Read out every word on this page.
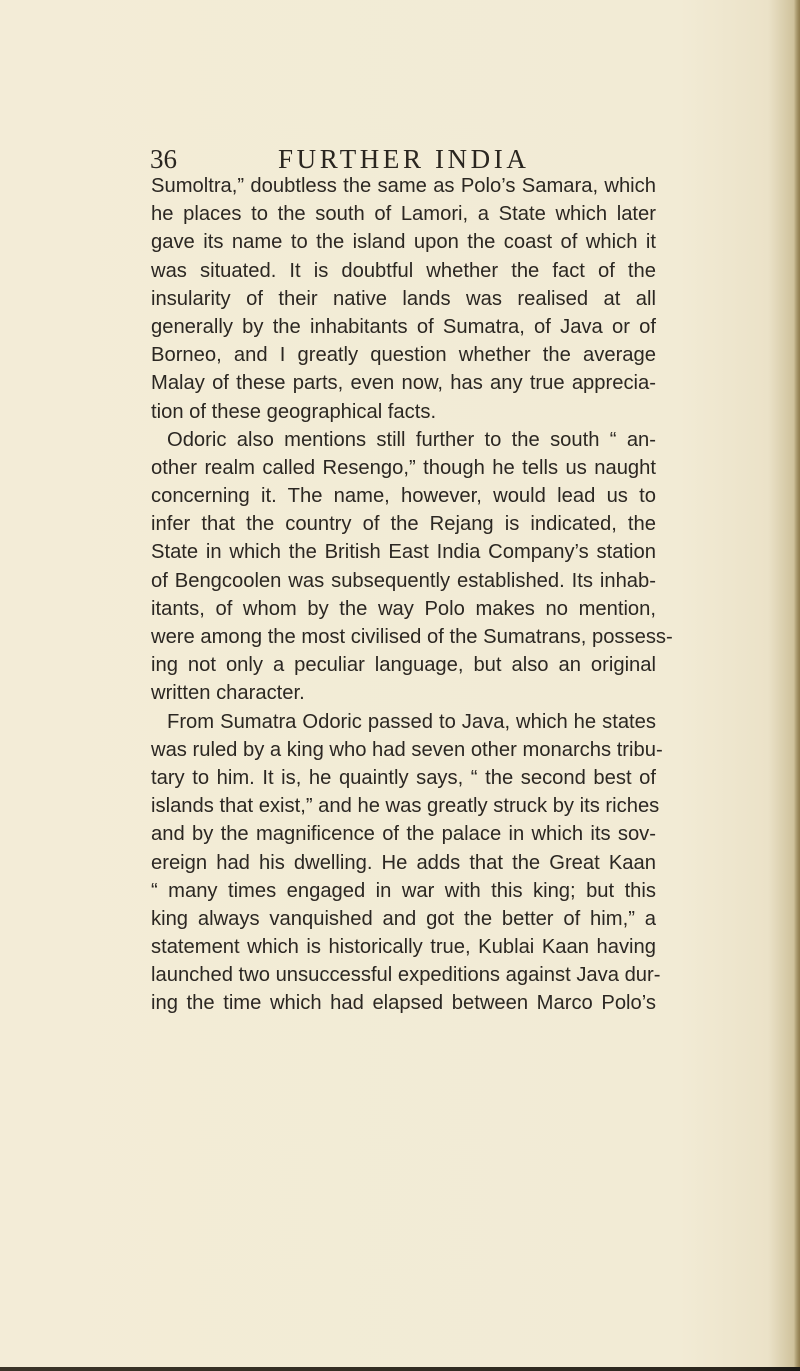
36	FURTHER INDIA
Sumoltra,” doubtless the same as Polo’s Samara, which
he places to the south of Lamori, a State which later
gave its name to the island upon the coast of which it
was situated. It is doubtful whether the fact of the
insularity of their native lands was realised at all
generally by the inhabitants of Sumatra, of Java or of
Borneo, and I greatly question whether the average
Malay of these parts, even now, has any true apprecia-
tion of these geographical facts.
Odoric also mentions still further to the south “ an-
other realm called Resengo,” though he tells us naught
concerning it. The name, however, would lead us to
infer that the country of the Rejang is indicated, the
State in which the British East India Company’s station
of Bengcoolen was subsequently established. Its inhab-
itants, of whom by the way Polo makes no mention,
were among the most civilised of the Sumatrans, possess-
ing not only a peculiar language, but also an original
written character.
From Sumatra Odoric passed to Java, which he states
was ruled by a king who had seven other monarchs tribu-
tary to him. It is, he quaintly says, “ the second best of
islands that exist,” and he was greatly struck by its riches
and by the magnificence of the palace in which its sov-
ereign had his dwelling. He adds that the Great Kaan
“ many times engaged in war with this king; but this
king always vanquished and got the better of him,” a
statement which is historically true, Kublai Kaan having
launched two unsuccessful expeditions against Java dur-
ing the time which had elapsed between Marco Polo’s
